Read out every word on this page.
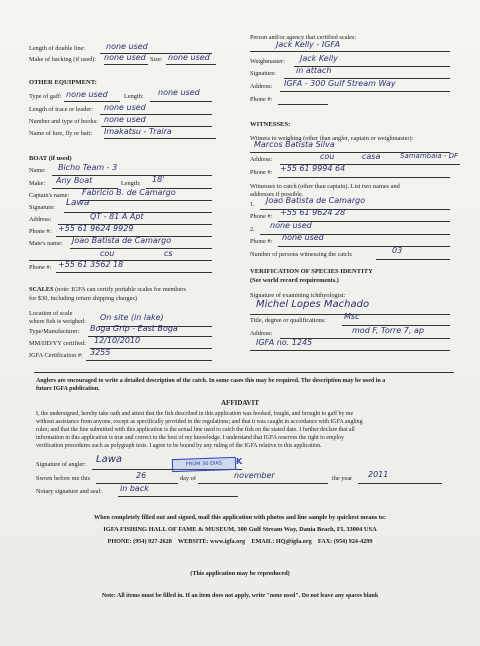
Length of double line:	none used
Make of backing (if used): none used Size: none used
OTHER EQUIPMENT:
Type of gaff: none used	Length: none used
Length of trace or leader: none used
Number and type of hooks: none used
Name of lure, fly or bait: Imakatsu - Traira
BOAT (if used)
Name: Bicho Team - 3
Make: Any Boat	Length: 18'
Captain's name: Fabricio B. de Camargo
Signature: Lawa
Address:	QT - 81 A Apt
Phone #: +55 61 9624 9929
Mate's name: Joao Batista de Camargo
cou	cs
Phone #: +55 61 3562 18
SCALES (note: IGFA can certify portable scales for members
for $30, including return shipping charges)
Location of scale
where fish is weighed: On site (in lake)
Type/Manufacturer: Boga Grip - East Boga
MM/DD/YY certified: 12/10/2010
IGFA Certification #: 3255
Person and/or agency that certified scales:
Jack Kelly - IGFA
Weighmaster: Jack Kelly
Signature:	in attach
Address: IGFA - 300 Gulf Stream Way
Phone #:
WITNESSES:
Witness to weighing (other than angler, captain or weighmaster):
Marcos Batista Silva
Address:	cou	casa	Samambaia - DF
Phone #: +55 61 9994 64
Witnesses to catch (other than captain). List two names and
addresses if possible.
1. Joao Batista de Camargo
Phone #: +55 61 9624 28
2. none used
Phone #: none used
Number of persons witnessing the catch:	03
VERIFICATION OF SPECIES IDENTITY
(See world record requirements.)
Signature of examining ichthyologist:
Michel Lopes Machado
Title, degree or qualifications: Msc
Address:	mod F, Torre 7, ap
IGFA no. 1245
Anglers are encouraged to write a detailed description of the catch. In some cases this may be required. The description may be used in a
future IGFA publication.
AFFIDAVIT
I, the undersigned, hereby take oath and attest that the fish described in this application was hooked, fought, and brought to gaff by me
without assistance from anyone, except as specifically provided in the regulations; and that it was caught in accordance with IGFA angling
rules; and that the line submitted with this application is the actual line used to catch the fish on the stated date. I further declare that all
information in this application is true and correct to the best of my knowledge. I understand that IGFA reserves the right to employ
verification procedures such as polygraph tests. I agree to be bound by any ruling of the IGFA relative to this application.
Signature of angler: Lawa	FROM 30 DIAS	K
Sworn before me this	26	day of	november	the year 2011
Notary signature and seal: in back
When completely filled out and signed, mail this application with photos and line sample by quickest means to:
IGFA FISHING HALL OF FAME & MUSEUM, 300 Gulf Stream Way, Dania Beach, FL 33004 USA
PHONE: (954) 927-2628 WEBSITE: www.igfa.org EMAIL: HQ@igfa.org FAX: (954) 924-4299
(This application may be reproduced)
Note: All items must be filled in. If an item does not apply, write "none used". Do not leave any spaces blank
